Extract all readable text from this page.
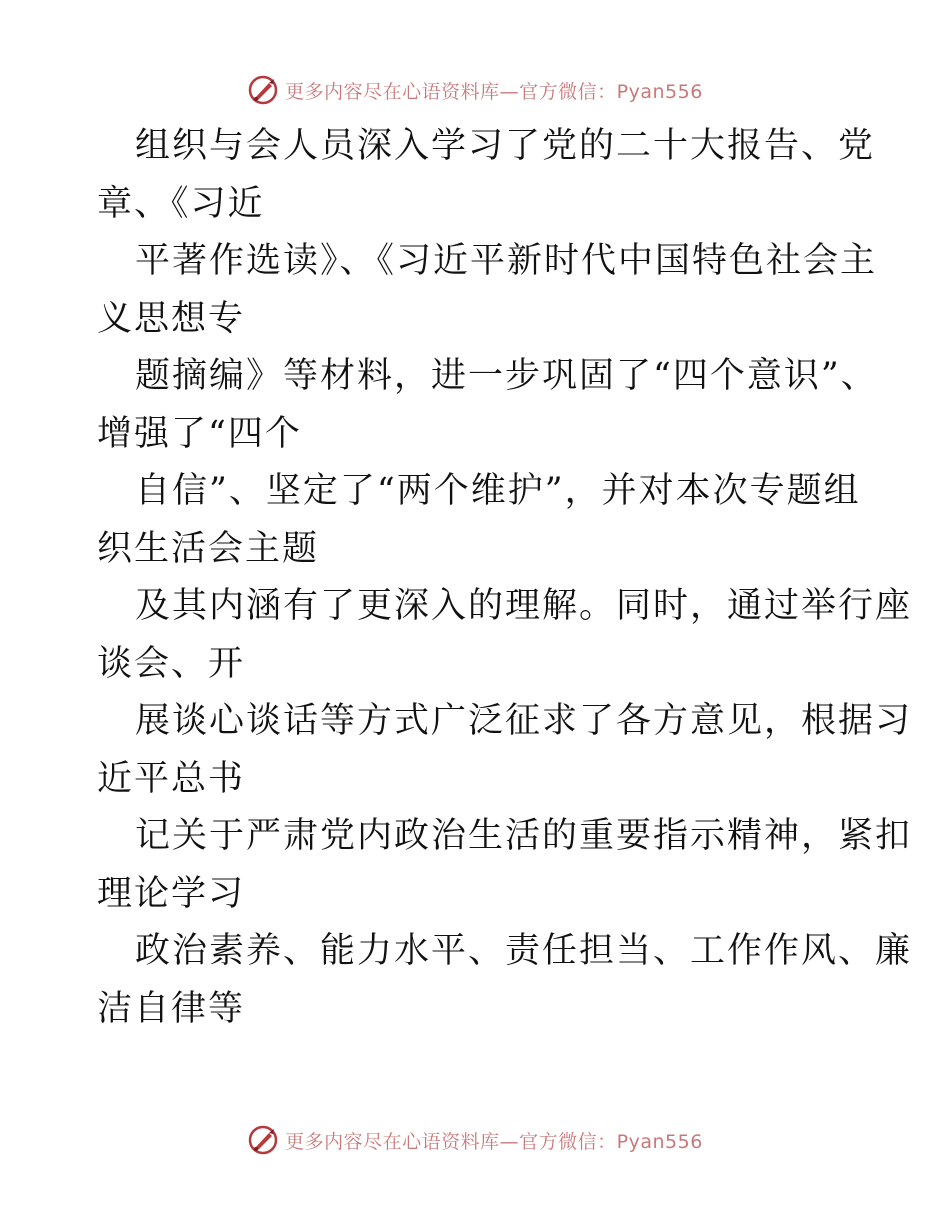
更多内容尽在心语资料库—官方微信：Pyan556
组织与会人员深入学习了党的二十大报告、党
章、《习近
平著作选读》、《习近平新时代中国特色社会主
义思想专
题摘编》等材料，进一步巩固了“四个意识”、
增强了“四个
自信”、坚定了“两个维护”，并对本次专题组
织生活会主题
及其内涵有了更深入的理解。同时，通过举行座
谈会、开
展谈心谈话等方式广泛征求了各方意见，根据习
近平总书
记关于严肃党内政治生活的重要指示精神，紧扣
理论学习
政治素养、能力水平、责任担当、工作作风、廉
洁自律等
更多内容尽在心语资料库—官方微信：Pyan556
